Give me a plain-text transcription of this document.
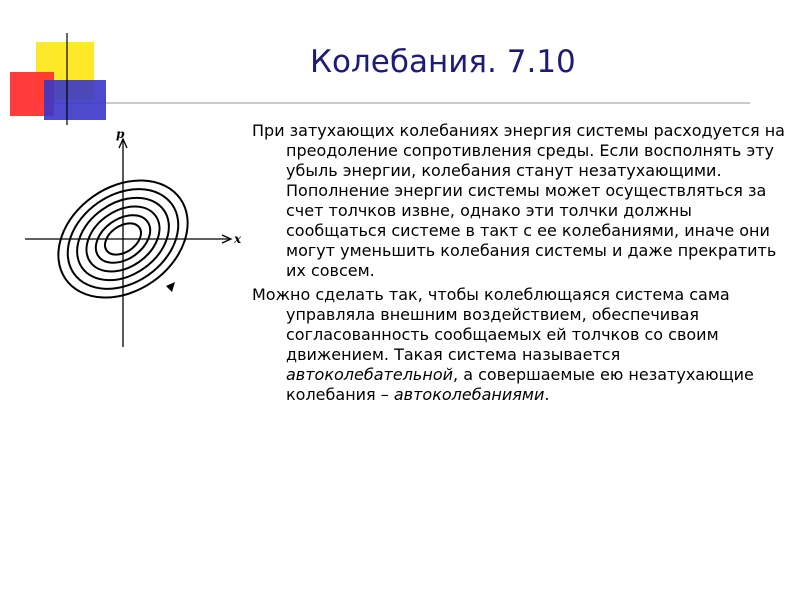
Колебания. 7.10
p
x

При затухающих колебаниях энергия системы расходуется на преодоление сопротивления среды. Если восполнять эту убыль энергии, колебания станут незатухающими. Пополнение энергии системы может осуществляться за счет толчков извне, однако эти толчки должны сообщаться системе в такт с ее колебаниями, иначе они могут уменьшить колебания системы и даже прекратить их совсем.

Можно сделать так, чтобы колеблющаяся система сама управляла внешним воздействием, обеспечивая согласованность сообщаемых ей толчков со своим движением. Такая система называется автоколебательной, а совершаемые ею незатухающие колебания – автоколебаниями.
